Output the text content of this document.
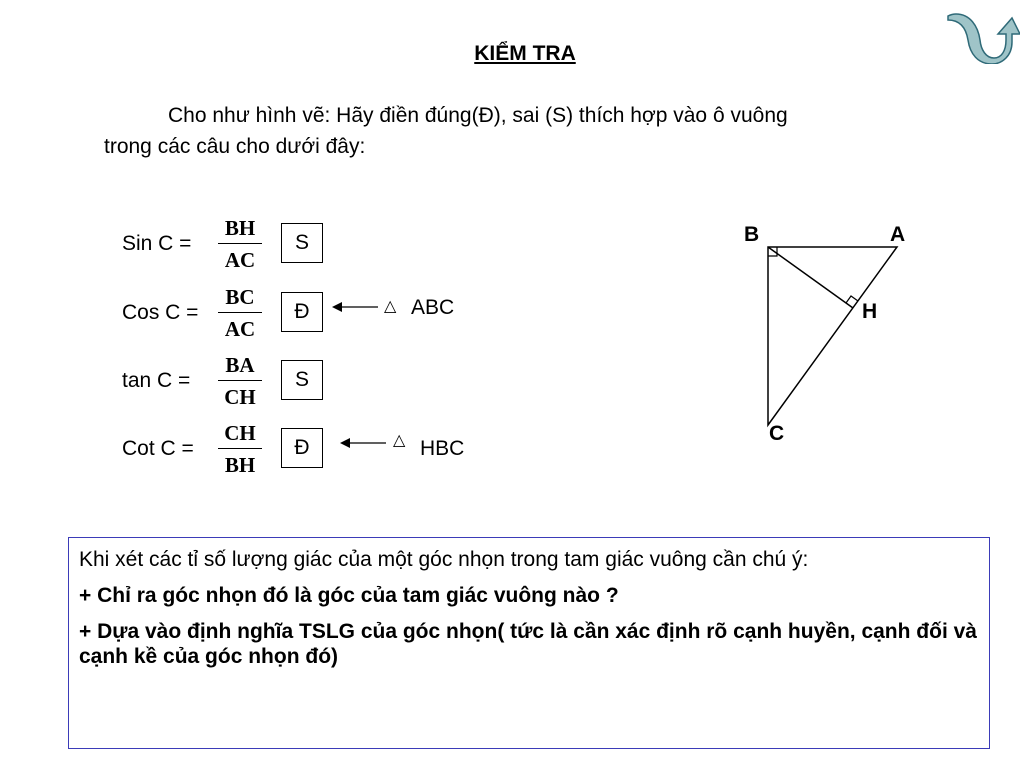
KIỂM TRA
Cho như hình vẽ: Hãy điền đúng(Đ), sai (S) thích hợp vào ô vuông
trong các câu cho dưới đây:
Sin $C = \frac{BH}{AC}$	S
Cos $C = \frac{BC}{AC}$	Đ
$\tan C = \frac{BA}{CH}$	S
Cot $C = \frac{CH}{BH}$	Đ
△ ABC
△ HBC
B	A
H
C

Khi xét các tỉ số lượng giác của một góc nhọn trong tam giác vuông cần chú ý:

+ Chỉ ra góc nhọn đó là góc của tam giác vuông nào ?

+ Dựa vào định nghĩa TSLG của góc nhọn( tức là cần xác định rõ cạnh huyền, cạnh đối và cạnh kề của góc nhọn đó)
